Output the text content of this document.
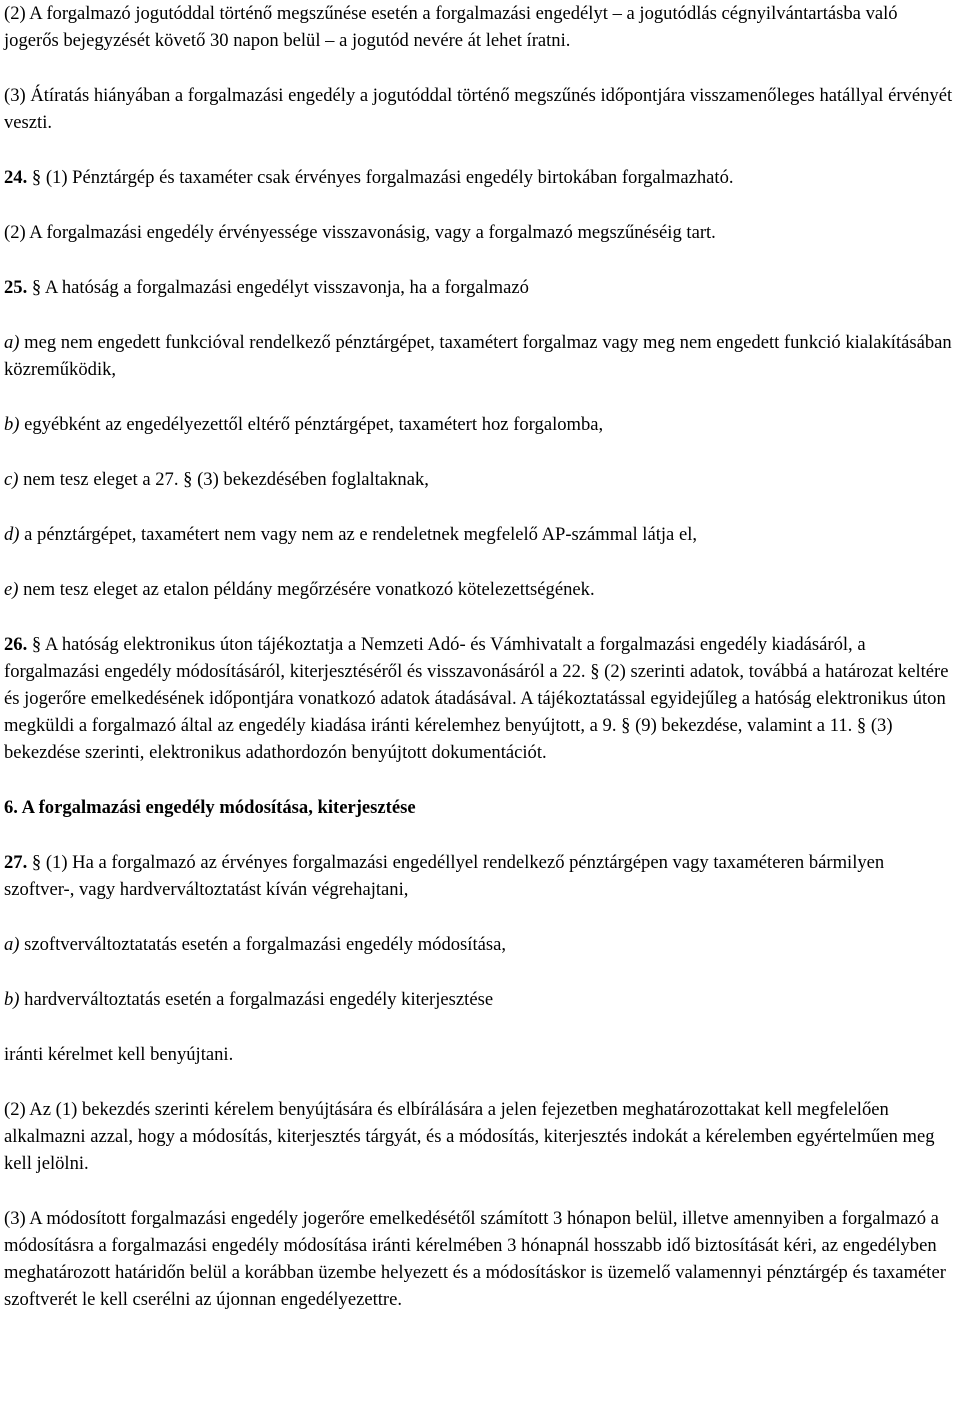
(2) A forgalmazó jogutóddal történő megszűnése esetén a forgalmazási engedélyt – a jogutódlás cégnyilvántartásba való jogerős bejegyzését követő 30 napon belül – a jogutód nevére át lehet íratni.

(3) Átíratás hiányában a forgalmazási engedély a jogutóddal történő megszűnés időpontjára visszamenőleges hatállyal érvényét veszti.

24. § (1) Pénztárgép és taxaméter csak érvényes forgalmazási engedély birtokában forgalmazható.

(2) A forgalmazási engedély érvényessége visszavonásig, vagy a forgalmazó megszűnéséig tart.

25. § A hatóság a forgalmazási engedélyt visszavonja, ha a forgalmazó

a) meg nem engedett funkcióval rendelkező pénztárgépet, taxamétert forgalmaz vagy meg nem engedett funkció kialakításában közreműködik,

b) egyébként az engedélyezettől eltérő pénztárgépet, taxamétert hoz forgalomba,

c) nem tesz eleget a 27. § (3) bekezdésében foglaltaknak,

d) a pénztárgépet, taxamétert nem vagy nem az e rendeletnek megfelelő AP-számmal látja el,

e) nem tesz eleget az etalon példány megőrzésére vonatkozó kötelezettségének.

26. § A hatóság elektronikus úton tájékoztatja a Nemzeti Adó- és Vámhivatalt a forgalmazási engedély kiadásáról, a forgalmazási engedély módosításáról, kiterjesztéséről és visszavonásáról a 22. § (2) szerinti adatok, továbbá a határozat keltére és jogerőre emelkedésének időpontjára vonatkozó adatok átadásával. A tájékoztatással egyidejűleg a hatóság elektronikus úton megküldi a forgalmazó által az engedély kiadása iránti kérelemhez benyújtott, a 9. § (9) bekezdése, valamint a 11. § (3) bekezdése szerinti, elektronikus adathordozón benyújtott dokumentációt.

6. A forgalmazási engedély módosítása, kiterjesztése

27. § (1) Ha a forgalmazó az érvényes forgalmazási engedéllyel rendelkező pénztárgépen vagy taxaméteren bármilyen szoftver-, vagy hardverváltoztatást kíván végrehajtani,

a) szoftverváltoztatatás esetén a forgalmazási engedély módosítása,

b) hardverváltoztatás esetén a forgalmazási engedély kiterjesztése

iránti kérelmet kell benyújtani.

(2) Az (1) bekezdés szerinti kérelem benyújtására és elbírálására a jelen fejezetben meghatározottakat kell megfelelően alkalmazni azzal, hogy a módosítás, kiterjesztés tárgyát, és a módosítás, kiterjesztés indokát a kérelemben egyértelműen meg kell jelölni.

(3) A módosított forgalmazási engedély jogerőre emelkedésétől számított 3 hónapon belül, illetve amennyiben a forgalmazó a módosításra a forgalmazási engedély módosítása iránti kérelmében 3 hónapnál hosszabb idő biztosítását kéri, az engedélyben meghatározott határidőn belül a korábban üzembe helyezett és a módosításkor is üzemelő valamennyi pénztárgép és taxaméter szoftverét le kell cserélni az újonnan engedélyezettre.
